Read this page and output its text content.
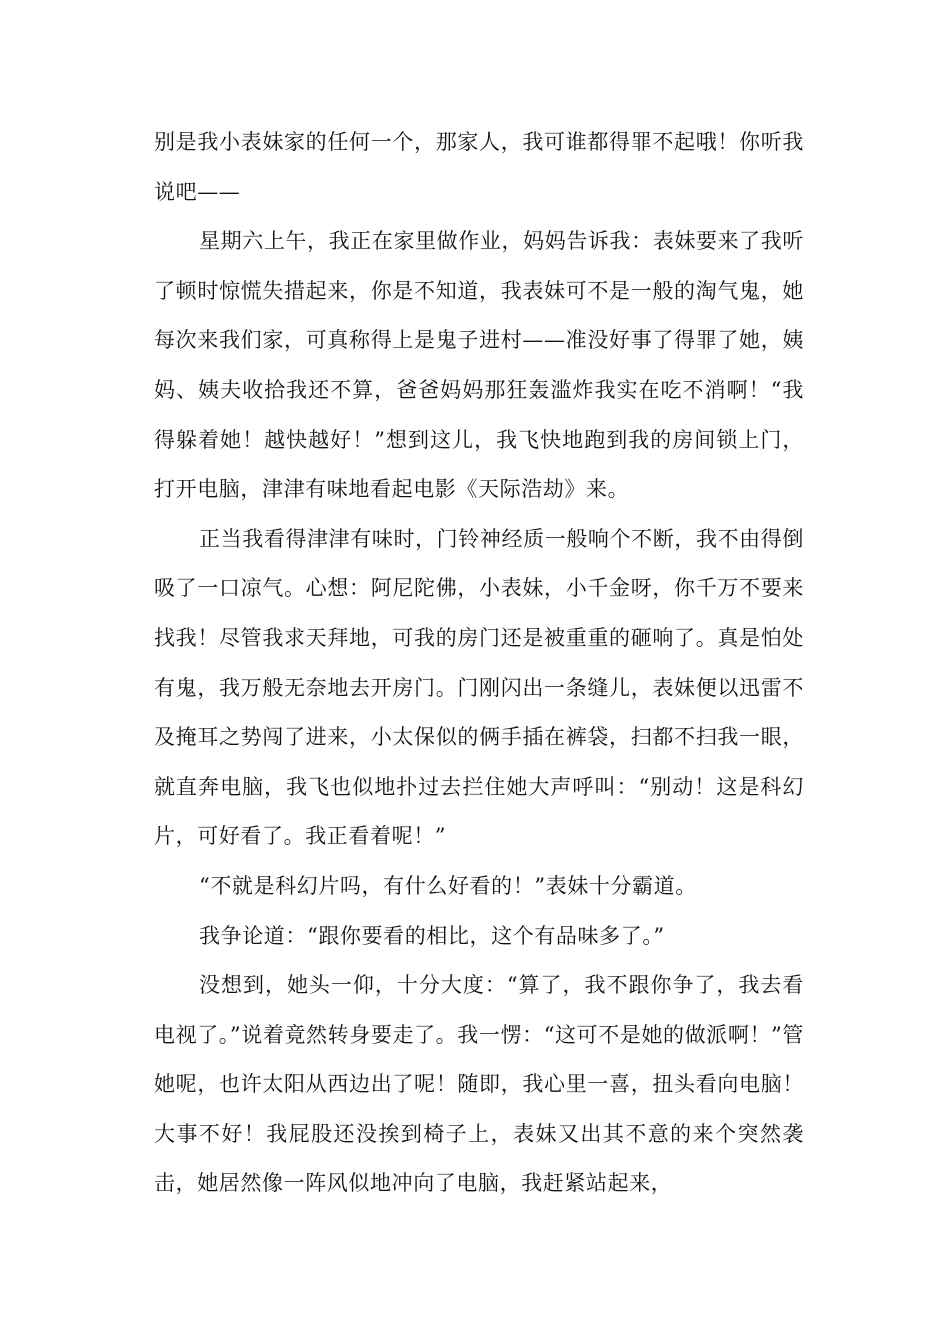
别是我小表妹家的任何一个，那家人，我可谁都得罪不起哦！你听我说吧——

星期六上午，我正在家里做作业，妈妈告诉我：表妹要来了我听了顿时惊慌失措起来，你是不知道，我表妹可不是一般的淘气鬼，她每次来我们家，可真称得上是鬼子进村——准没好事了得罪了她，姨妈、姨夫收拾我还不算，爸爸妈妈那狂轰滥炸我实在吃不消啊！“我得躲着她！越快越好！”想到这儿，我飞快地跑到我的房间锁上门，打开电脑，津津有味地看起电影《天际浩劫》来。

正当我看得津津有味时，门铃神经质一般响个不断，我不由得倒吸了一口凉气。心想：阿尼陀佛，小表妹，小千金呀，你千万不要来找我！尽管我求天拜地，可我的房门还是被重重的砸响了。真是怕处有鬼，我万般无奈地去开房门。门刚闪出一条缝儿，表妹便以迅雷不及掩耳之势闯了进来，小太保似的俩手插在裤袋，扫都不扫我一眼，就直奔电脑，我飞也似地扑过去拦住她大声呼叫：“别动！这是科幻片，可好看了。我正看着呢！”

“不就是科幻片吗，有什么好看的！”表妹十分霸道。

我争论道：“跟你要看的相比，这个有品味多了。”

没想到，她头一仰，十分大度：“算了，我不跟你争了，我去看电视了。”说着竟然转身要走了。我一愣：“这可不是她的做派啊！”管她呢，也许太阳从西边出了呢！随即，我心里一喜，扭头看向电脑！大事不好！我屁股还没挨到椅子上，表妹又出其不意的来个突然袭击，她居然像一阵风似地冲向了电脑，我赶紧站起来，
